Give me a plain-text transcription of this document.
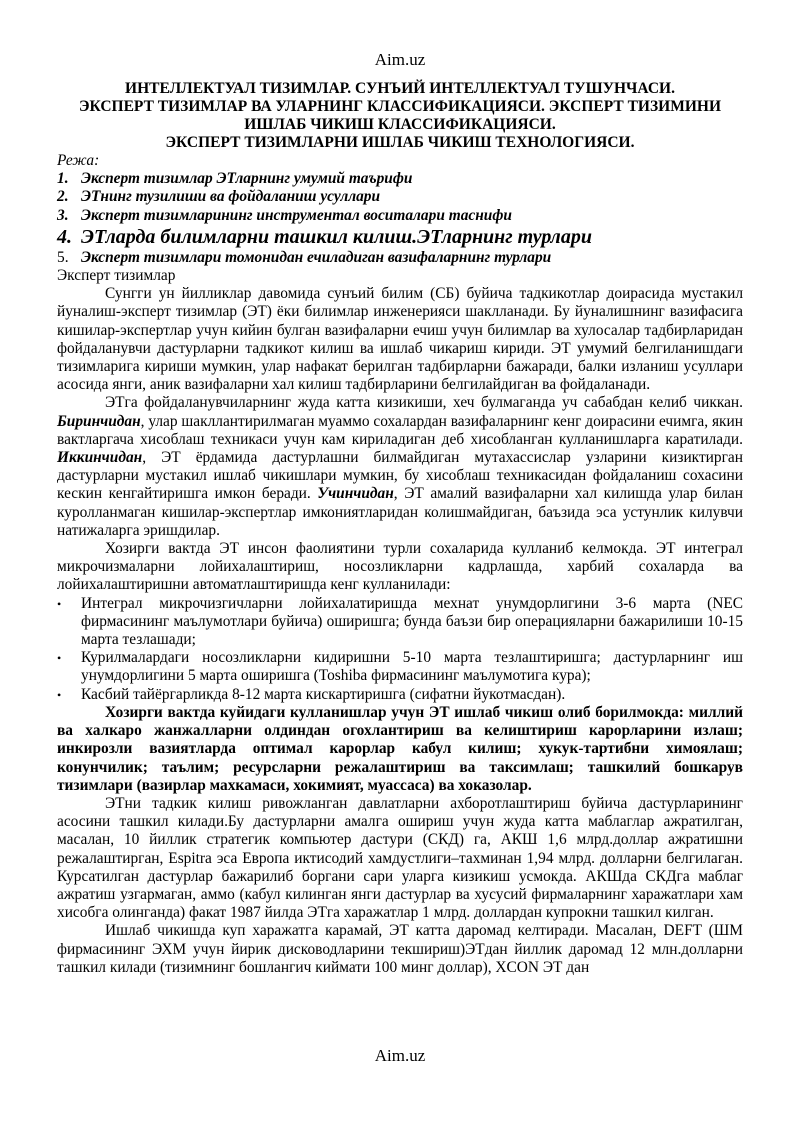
Aim.uz
ИНТЕЛЛЕКТУАЛ ТИЗИМЛАР. СУНЪИЙ ИНТЕЛЛЕКТУАЛ ТУШУНЧАСИ.
ЭКСПЕРТ ТИЗИМЛАР ВА УЛАРНИНГ КЛАССИФИКАЦИЯСИ. ЭКСПЕРТ ТИЗИМИНИ
ИШЛАБ ЧИКИШ КЛАССИФИКАЦИЯСИ.
ЭКСПЕРТ ТИЗИМЛАРНИ ИШЛАБ ЧИКИШ ТЕХНОЛОГИЯСИ.
Режа:
1. Эксперт тизимлар ЭТларнинг умумий таърифи
2. ЭТнинг тузилиши ва фойдаланиш усуллари
3. Эксперт тизимларининг инструментал воситалари таснифи
4. ЭТларда билимларни ташкил килиш.ЭТларнинг турлари
5. Эксперт тизимлари томонидан ечиладиган вазифаларнинг турлари
Эксперт тизимлар

Сунгги ун йилликлар давомида сунъий билим (СБ) буйича тадкикотлар доирасида мустакил йуналиш-эксперт тизимлар (ЭТ) ёки билимлар инженерияси шаклланади. Бу йуналишнинг вазифасига кишилар-экспертлар учун кийин булган вазифаларни ечиш учун билимлар ва хулосалар тадбирларидан фойдаланувчи дастурларни тадкикот килиш ва ишлаб чикариш кириди. ЭТ умумий белгиланишдаги тизимларига кириши мумкин, улар нафакат берилган тадбирларни бажаради, балки изланиш усуллари асосида янги, аник вазифаларни хал килиш тадбирларини белгилайдиган ва фойдаланади.

ЭТга фойдаланувчиларнинг жуда катта кизикиши, хеч булмаганда уч сабабдан келиб чиккан. Биринчидан, улар шакллантирилмаган муаммо сохалардан вазифаларнинг кенг доирасини ечимга, якин вактларгача хисоблаш техникаси учун кам кириладиган деб хисобланган кулланишларга каратилади. Иккинчидан, ЭТ ёрдамида дастурлашни билмайдиган мутахассислар узларини кизиктирган дастурларни мустакил ишлаб чикишлари мумкин, бу хисоблаш техникасидан фойдаланиш сохасини кескин кенгайтиришга имкон беради. Учинчидан, ЭТ амалий вазифаларни хал килишда улар билан куролланмаган кишилар-экспертлар имкониятларидан колишмайдиган, баъзида эса устунлик килувчи натижаларга эришдилар.

Хозирги вактда ЭТ инсон фаолиятини турли сохаларида кулланиб келмокда. ЭТ интеграл микрочизмаларни лойихалаштириш, носозликларни кадрлашда, харбий сохаларда ва лойихалаштиришни автоматлаштиришда кенг кулланилади:

•	Интеграл микрочизгичларни лойихалатиришда мехнат унумдорлигини 3-6 марта (NEC фирмасининг маълумотлари буйича) оширишга; бунда баъзи бир операцияларни бажарилиши 10-15 марта тезлашади;
•	Курилмалардаги носозликларни кидиришни 5-10 марта тезлаштиришга; дастурларнинг иш унумдорлигини 5 марта оширишга (Toshiba фирмасининг маълумотига кура);
•	Касбий тайёргарликда 8-12 марта кискартиришга (сифатни йукотмасдан).

Хозирги вактда куйидаги кулланишлар учун ЭТ ишлаб чикиш олиб борилмокда: миллий ва халкаро жанжалларни олдиндан огохлантириш ва келиштириш карорларини излаш; инкирозли вазиятларда оптимал карорлар кабул килиш; хукук-тартибни химоялаш; конунчилик; таълим; ресурсларни режалаштириш ва таксимлаш; ташкилий бошкарув тизимлари (вазирлар махкамаси, хокимият, муассаса) ва хоказолар.

ЭТни тадкик килиш ривожланган давлатларни ахборотлаштириш буйича дастурларининг асосини ташкил килади.Бу дастурларни амалга ошириш учун жуда катта маблаглар ажратилган, масалан, 10 йиллик стратегик компьютер дастури (СКД) га, АКШ 1,6 млрд.доллар ажратишни режалаштирган, Espitra эса Европа иктисодий хамдустлиги–тахминан 1,94 млрд. долларни белгилаган. Курсатилган дастурлар бажарилиб боргани сари уларга кизикиш усмокда. АКШда СКДга маблаг ажратиш узгармаган, аммо (кабул килинган янги дастурлар ва хусусий фирмаларнинг харажатлари хам хисобга олинганда) факат 1987 йилда ЭТга харажатлар 1 млрд. доллардан купрокни ташкил килган.

Ишлаб чикишда куп харажатга карамай, ЭТ катта даромад келтиради. Масалан, DEFT (ШМ фирмасининг ЭХМ учун йирик дисководларини текшириш)ЭТдан йиллик даромад 12 млн.долларни ташкил килади (тизимнинг бошлангич киймати 100 минг доллар), XCON ЭТ дан

Aim.uz
